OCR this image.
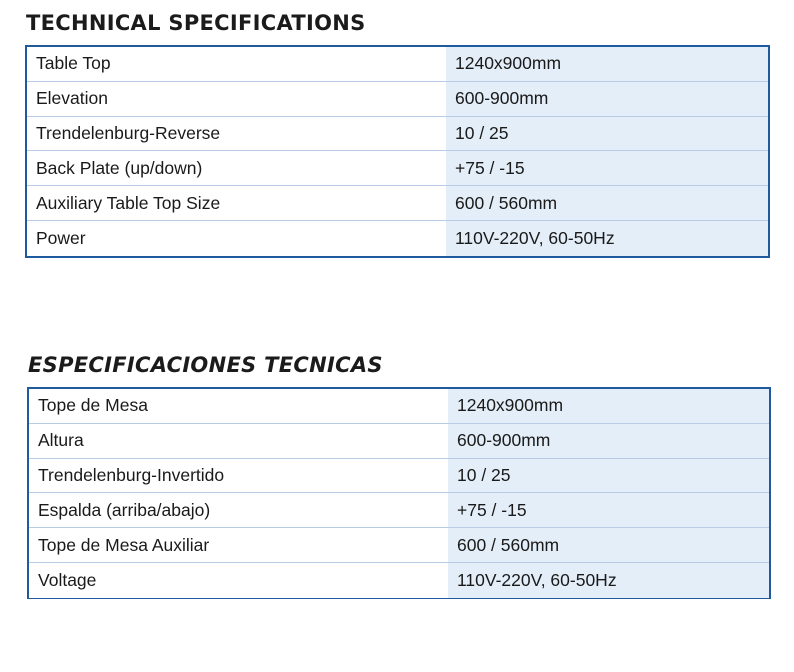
TECHNICAL SPECIFICATIONS
Table Top	1240x900mm
Elevation	600-900mm
Trendelenburg-Reverse	10 / 25
Back Plate (up/down)	+75 / -15
Auxiliary Table Top Size	600 / 560mm
Power	110V-220V, 60-50Hz
ESPECIFICACIONES TECNICAS
Tope de Mesa	1240x900mm
Altura	600-900mm
Trendelenburg-Invertido	10 / 25
Espalda (arriba/abajo)	+75 / -15
Tope de Mesa Auxiliar	600 / 560mm
Voltage	110V-220V, 60-50Hz
